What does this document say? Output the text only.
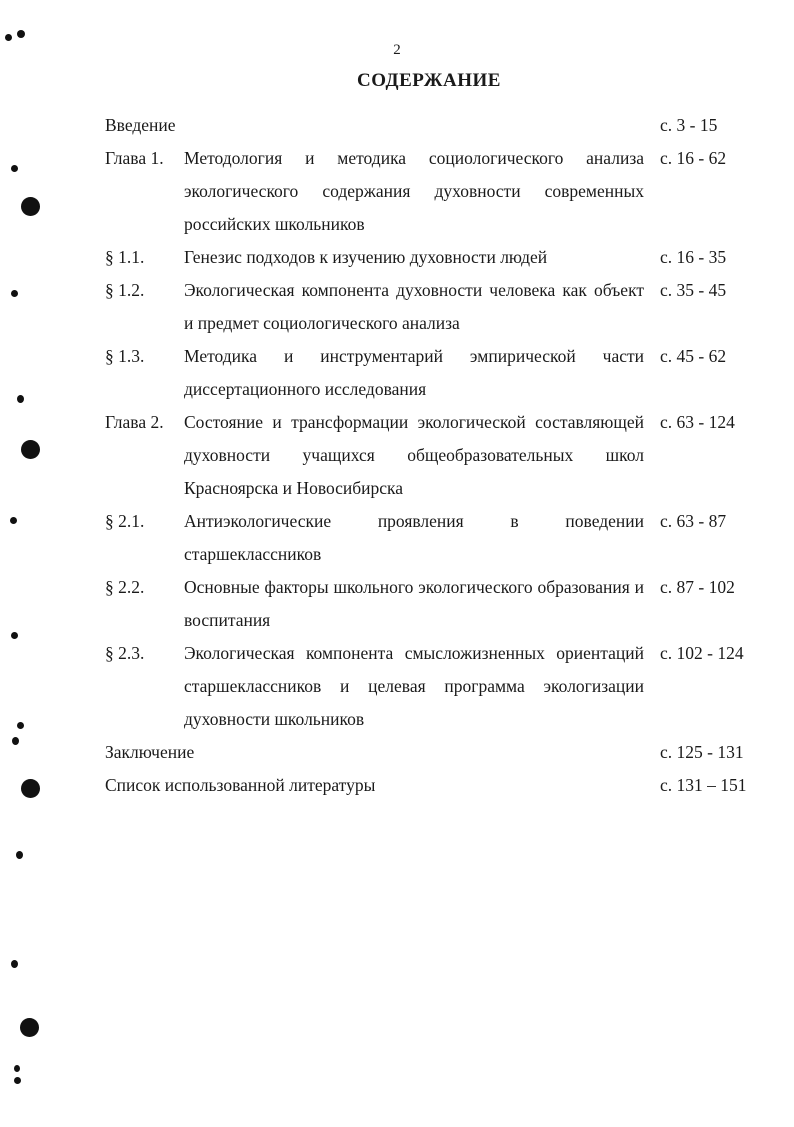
2
СОДЕРЖАНИЕ
Введение	с. 3 - 15
Глава 1. Методология и методика социологического анализа экологического содержания духовности современных российских школьников
с. 16 - 62
§ 1.1. Генезис подходов к изучению духовности людей	с. 16 - 35
§ 1.2. Экологическая компонента духовности человека как объект и предмет социологического анализа
с. 35 - 45
§ 1.3. Методика и инструментарий эмпирической части диссертационного исследования
с. 45 - 62
Глава 2. Состояние и трансформации экологической составляющей духовности учащихся общеобразовательных школ Красноярска и Новосибирска
с. 63 - 124
§ 2.1. Антиэкологические проявления в поведении старшеклассников
с. 63 - 87
§ 2.2. Основные факторы школьного экологического образования и воспитания
с. 87 - 102
§ 2.3. Экологическая компонента смысложизненных ориентаций старшеклассников и целевая программа экологизации духовности школьников
с. 102 - 124
Заключение	с. 125 - 131
Список использованной литературы	с. 131 – 151
